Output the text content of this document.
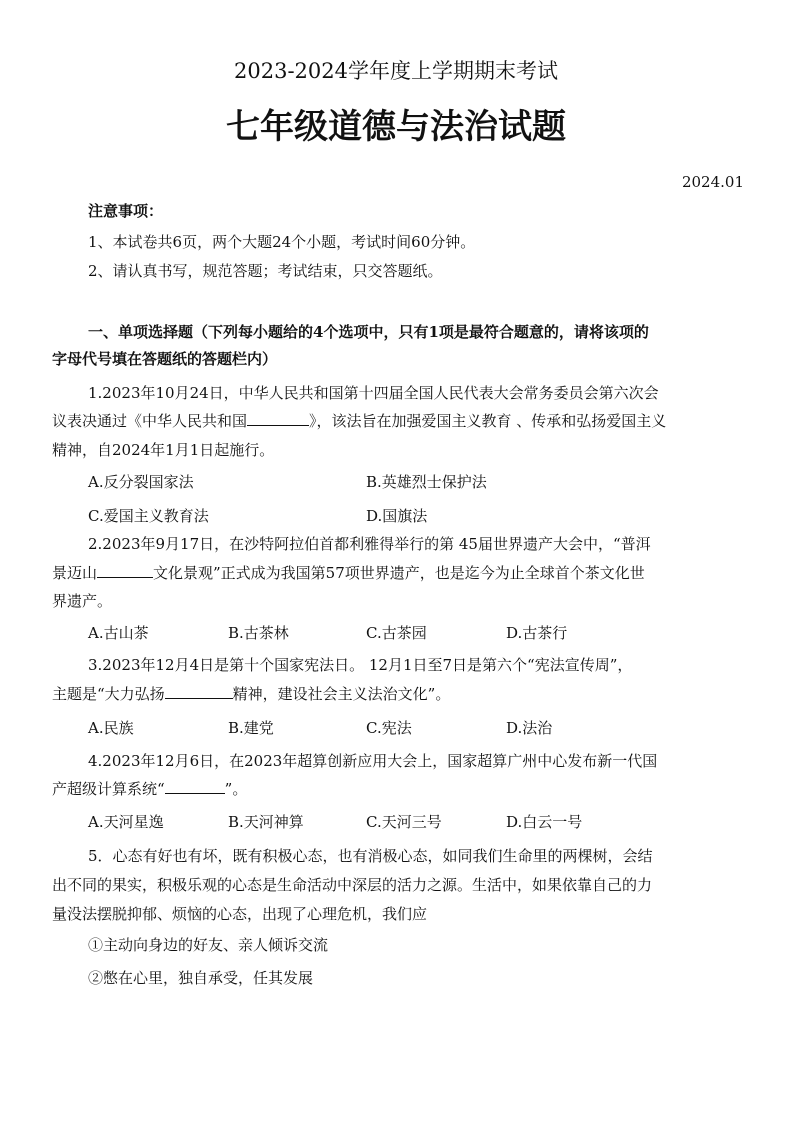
2023-2024学年度上学期期末考试
七年级道德与法治试题
2024.01
注意事项：
1、本试卷共6页，两个大题24个小题，考试时间60分钟。
2、请认真书写，规范答题；考试结束，只交答题纸。
一、单项选择题（下列每小题给的4个选项中，只有1项是最符合题意的，请将该项的
字母代号填在答题纸的答题栏内）
1.2023年10月24日，中华人民共和国第十四届全国人民代表大会常务委员会第六次会
议表决通过《中华人民共和国	》，该法旨在加强爱国主义教育 、传承和弘扬爱国主义
精神，自2024年1月1日起施行。
A.反分裂国家法	B.英雄烈士保护法
C.爱国主义教育法	D.国旗法
2.2023年9月17日，在沙特阿拉伯首都利雅得举行的第 45届世界遗产大会中，“普洱
景迈山	文化景观”正式成为我国第57项世界遗产，也是迄今为止全球首个茶文化世
界遗产。
A.古山茶	B.古茶林	C.古茶园	D.古茶行
3.2023年12月4日是第十个国家宪法日。 12月1日至7日是第六个“宪法宣传周”，
主题是“大力弘扬	精神，建设社会主义法治文化”。
A.民族	B.建党	C.宪法	D.法治
4.2023年12月6日，在2023年超算创新应用大会上，国家超算广州中心发布新一代国
产超级计算系统“	”。
A.天河星逸	B.天河神算	C.天河三号	D.白云一号
5．心态有好也有坏，既有积极心态，也有消极心态，如同我们生命里的两棵树，会结
出不同的果实，积极乐观的心态是生命活动中深层的活力之源。生活中，如果依靠自己的力
量没法摆脱抑郁、烦恼的心态，出现了心理危机，我们应
①主动向身边的好友、亲人倾诉交流
②憋在心里，独自承受，任其发展
